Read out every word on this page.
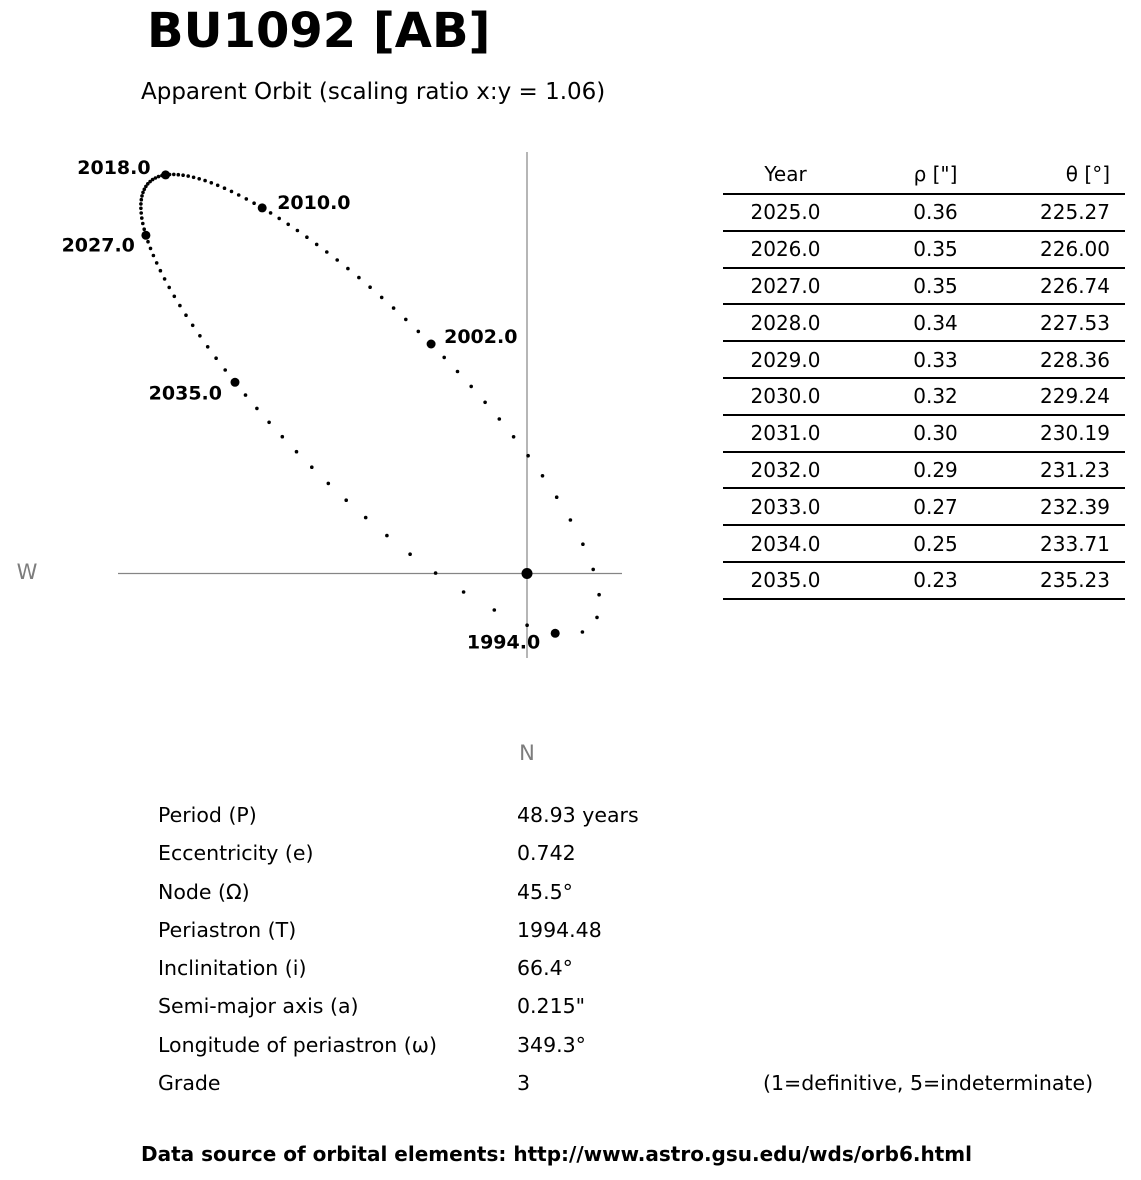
BU1092 [AB]
Apparent Orbit (scaling ratio x:y = 1.06)
W
N
1994.0
2002.0
2010.0
2018.0
2027.0
2035.0
Year	ρ ["]	θ [°]
2025.0	0.36	225.27
2026.0	0.35	226.00
2027.0	0.35	226.74
2028.0	0.34	227.53
2029.0	0.33	228.36
2030.0	0.32	229.24
2031.0	0.30	230.19
2032.0	0.29	231.23
2033.0	0.27	232.39
2034.0	0.25	233.71
2035.0	0.23	235.23
Period (P)	48.93 years
Eccentricity (e)	0.742
Node (Ω)	45.5°
Periastron (T)	1994.48
Inclinitation (i)	66.4°
Semi-major axis (a)	0.215"
Longitude of periastron (ω)	349.3°
Grade	3	(1=definitive, 5=indeterminate)
Data source of orbital elements: http://www.astro.gsu.edu/wds/orb6.html
